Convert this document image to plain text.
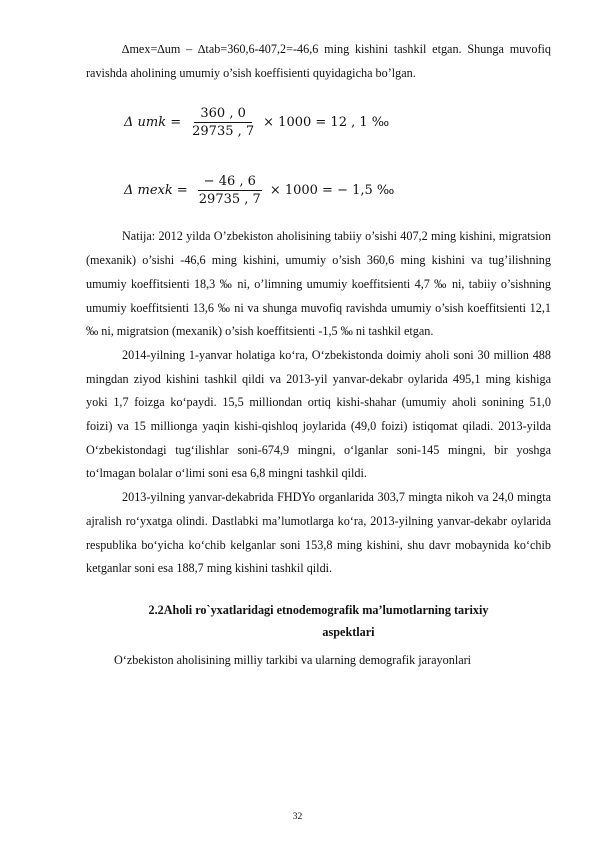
∆mex=∆um – ∆tab=360,6-407,2=-46,6 ming kishini tashkil etgan. Shunga muvofiq ravishda aholining umumiy o’sish koeffisienti quyidagicha bo’lgan.

Δ umk = $\frac{360 , 0}{29735 , 7} \times 1000 = 12$ , 1 ‰
Δ mexk = $\frac{- 46 , 6}{29735 , 7} \times 1000$ = − 1,5 ‰

Natija: 2012 yilda O’zbekiston aholisining tabiiy o’sishi 407,2 ming kishini, migratsion (mexanik) o’sishi -46,6 ming kishini, umumiy o’sish 360,6 ming kishini va tug’ilishning umumiy koeffitsienti 18,3 ‰ ni, o’limning umumiy koeffitsienti 4,7 ‰ ni, tabiiy o’sishning umumiy koeffitsienti 13,6 ‰ ni va shunga muvofiq ravishda umumiy o’sish koeffitsienti 12,1 ‰ ni, migratsion (mexanik) o’sish koeffitsienti -1,5 ‰ ni tashkil etgan.

2014-yilning 1-yanvar holatiga ko‘ra, O‘zbekistonda doimiy aholi soni 30 million 488 mingdan ziyod kishini tashkil qildi va 2013-yil yanvar-dekabr oylarida 495,1 ming kishiga yoki 1,7 foizga ko‘paydi. 15,5 milliondan ortiq kishi-shahar (umumiy aholi sonining 51,0 foizi) va 15 millionga yaqin kishi-qishloq joylarida (49,0 foizi) istiqomat qiladi. 2013-yilda O‘zbekistondagi tug‘ilishlar soni-674,9 mingni, o‘lganlar soni-145 mingni, bir yoshga to‘lmagan bolalar o‘limi soni esa 6,8 mingni tashkil qildi.

2013-yilning yanvar-dekabrida FHDYo organlarida 303,7 mingta nikoh va 24,0 mingta ajralish ro‘yxatga olindi. Dastlabki ma’lumotlarga ko‘ra, 2013-yilning yanvar-dekabr oylarida respublika bo‘yicha ko‘chib kelganlar soni 153,8 ming kishini, shu davr mobaynida ko‘chib ketganlar soni esa 188,7 ming kishini tashkil qildi.

2.2Aholi ro`yxatlaridagi etnodemografik ma’lumotlarning tarixiy
aspektlari

O‘zbekiston aholisining milliy tarkibi va ularning demografik jarayonlari

32
